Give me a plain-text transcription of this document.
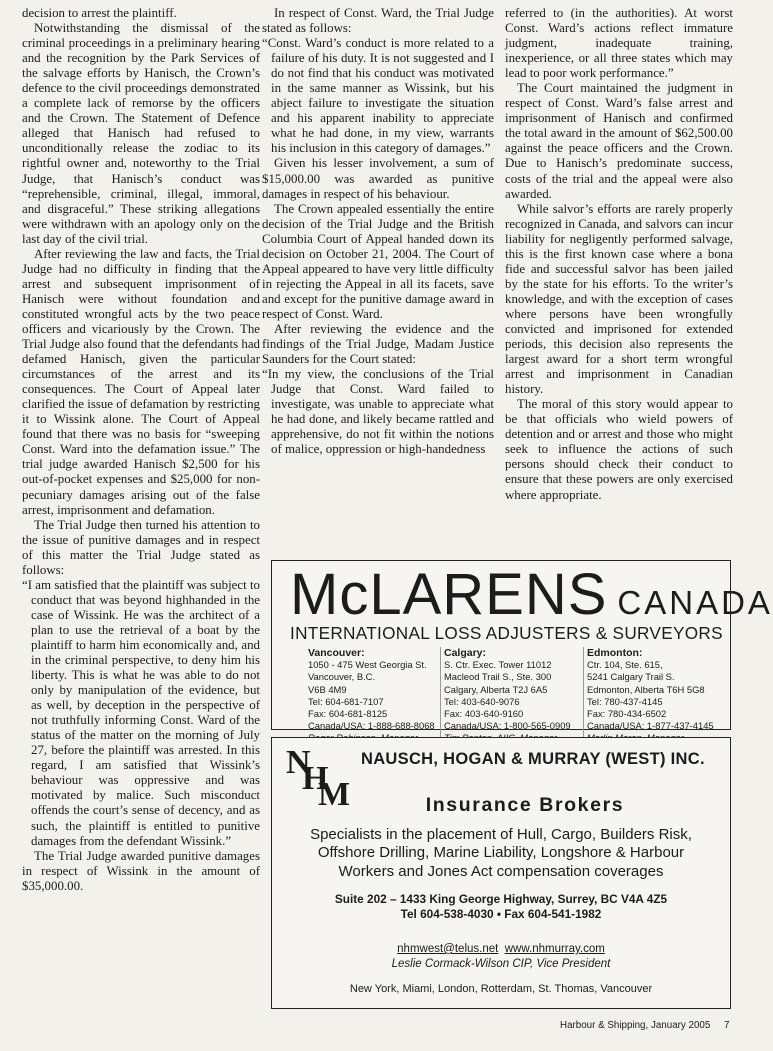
decision to arrest the plaintiff.

Notwithstanding the dismissal of the criminal proceedings in a preliminary hearing and the recognition by the Park Services of the salvage efforts by Hanisch, the Crown’s defence to the civil proceedings demonstrated a complete lack of remorse by the officers and the Crown. The Statement of Defence alleged that Hanisch had refused to unconditionally release the zodiac to its rightful owner and, noteworthy to the Trial Judge, that Hanisch’s conduct was “reprehensible, criminal, illegal, immoral, and disgraceful.” These striking allegations were withdrawn with an apology only on the last day of the civil trial.

After reviewing the law and facts, the Trial Judge had no difficulty in finding that the arrest and subsequent imprisonment of Hanisch were without foundation and constituted wrongful acts by the two peace officers and vicariously by the Crown. The Trial Judge also found that the defendants had defamed Hanisch, given the particular circumstances of the arrest and its consequences. The Court of Appeal later clarified the issue of defamation by restricting it to Wissink alone. The Court of Appeal found that there was no basis for “sweeping Const. Ward into the defamation issue.” The trial judge awarded Hanisch $2,500 for his out-of-pocket expenses and $25,000 for non-pecuniary damages arising out of the false arrest, imprisonment and defamation.

The Trial Judge then turned his attention to the issue of punitive damages and in respect of this matter the Trial Judge stated as follows:

“I am satisfied that the plaintiff was subject to conduct that was beyond highhanded in the case of Wissink. He was the architect of a plan to use the retrieval of a boat by the plaintiff to harm him economically and, and in the criminal perspective, to deny him his liberty. This is what he was able to do not only by manipulation of the evidence, but as well, by deception in the perspective of not truthfully informing Const. Ward of the status of the matter on the morning of July 27, before the plaintiff was arrested. In this regard, I am satisfied that Wissink’s behaviour was oppressive and was motivated by malice. Such misconduct offends the court’s sense of decency, and as such, the plaintiff is entitled to punitive damages from the defendant Wissink.”

The Trial Judge awarded punitive damages in respect of Wissink in the amount of $35,000.00.

In respect of Const. Ward, the Trial Judge stated as follows:

“Const. Ward’s conduct is more related to a failure of his duty. It is not suggested and I do not find that his conduct was motivated in the same manner as Wissink, but his abject failure to investigate the situation and his apparent inability to appreciate what he had done, in my view, warrants his inclusion in this category of damages.”

Given his lesser involvement, a sum of $15,000.00 was awarded as punitive damages in respect of his behaviour.

The Crown appealed essentially the entire decision of the Trial Judge and the British Columbia Court of Appeal handed down its decision on October 21, 2004. The Court of Appeal appeared to have very little difficulty in rejecting the Appeal in all its facets, save and except for the punitive damage award in respect of Const. Ward.

After reviewing the evidence and the findings of the Trial Judge, Madam Justice Saunders for the Court stated:

“In my view, the conclusions of the Trial Judge that Const. Ward failed to investigate, was unable to appreciate what he had done, and likely became rattled and apprehensive, do not fit within the notions of malice, oppression or high-handedness

referred to (in the authorities). At worst Const. Ward’s actions reflect immature judgment, inadequate training, inexperience, or all three states which may lead to poor work performance.”

The Court maintained the judgment in respect of Const. Ward’s false arrest and imprisonment of Hanisch and confirmed the total award in the amount of $62,500.00 against the peace officers and the Crown. Due to Hanisch’s predominate success, costs of the trial and the appeal were also awarded.

While salvor’s efforts are rarely properly recognized in Canada, and salvors can incur liability for negligently performed salvage, this is the first known case where a bona fide and successful salvor has been jailed by the state for his efforts. To the writer’s knowledge, and with the exception of cases where persons have been wrongfully convicted and imprisoned for extended periods, this decision also represents the largest award for a short term wrongful arrest and imprisonment in Canadian history.

The moral of this story would appear to be that officials who wield powers of detention and or arrest and those who might seek to influence the actions of such persons should check their conduct to ensure that these powers are only exercised where appropriate.

McLARENS CANADA
INTERNATIONAL LOSS ADJUSTERS & SURVEYORS
Vancouver:
1050 - 475 West Georgia St.
Vancouver, B.C.
V6B 4M9
Tel: 604-681-7107
Fax: 604-681-8125
Canada/USA: 1-888-688-8068
Calgary:
S. Ctr. Exec. Tower 11012
Macleod Trail S., Ste. 300
Calgary, Alberta T2J 6A5
Tel: 403-640-9076
Fax: 403-640-9160
Canada/USA: 1-800-565-0909
Edmonton:
Ctr. 104, Ste. 615,
5241 Calgary Trail S.
Edmonton, Alberta T6H 5G8
Tel: 780-437-4145
Fax: 780-434-6502
Canada/USA: 1-877-437-4145
N
H
M
NAUSCH, HOGAN & MURRAY (WEST) INC.
Insurance Brokers
Specialists in the placement of Hull, Cargo, Builders Risk,
Offshore Drilling, Marine Liability, Longshore & Harbour
Workers and Jones Act compensation coverages
Suite 202 – 1433 King George Highway, Surrey, BC V4A 4Z5
Tel 604-538-4030 • Fax 604-541-1982
nhmwest@telus.net www.nhmurray.com
Leslie Cormack-Wilson CIP, Vice President
New York, Miami, London, Rotterdam, St. Thomas, Vancouver
Harbour & Shipping, January 2005 7
